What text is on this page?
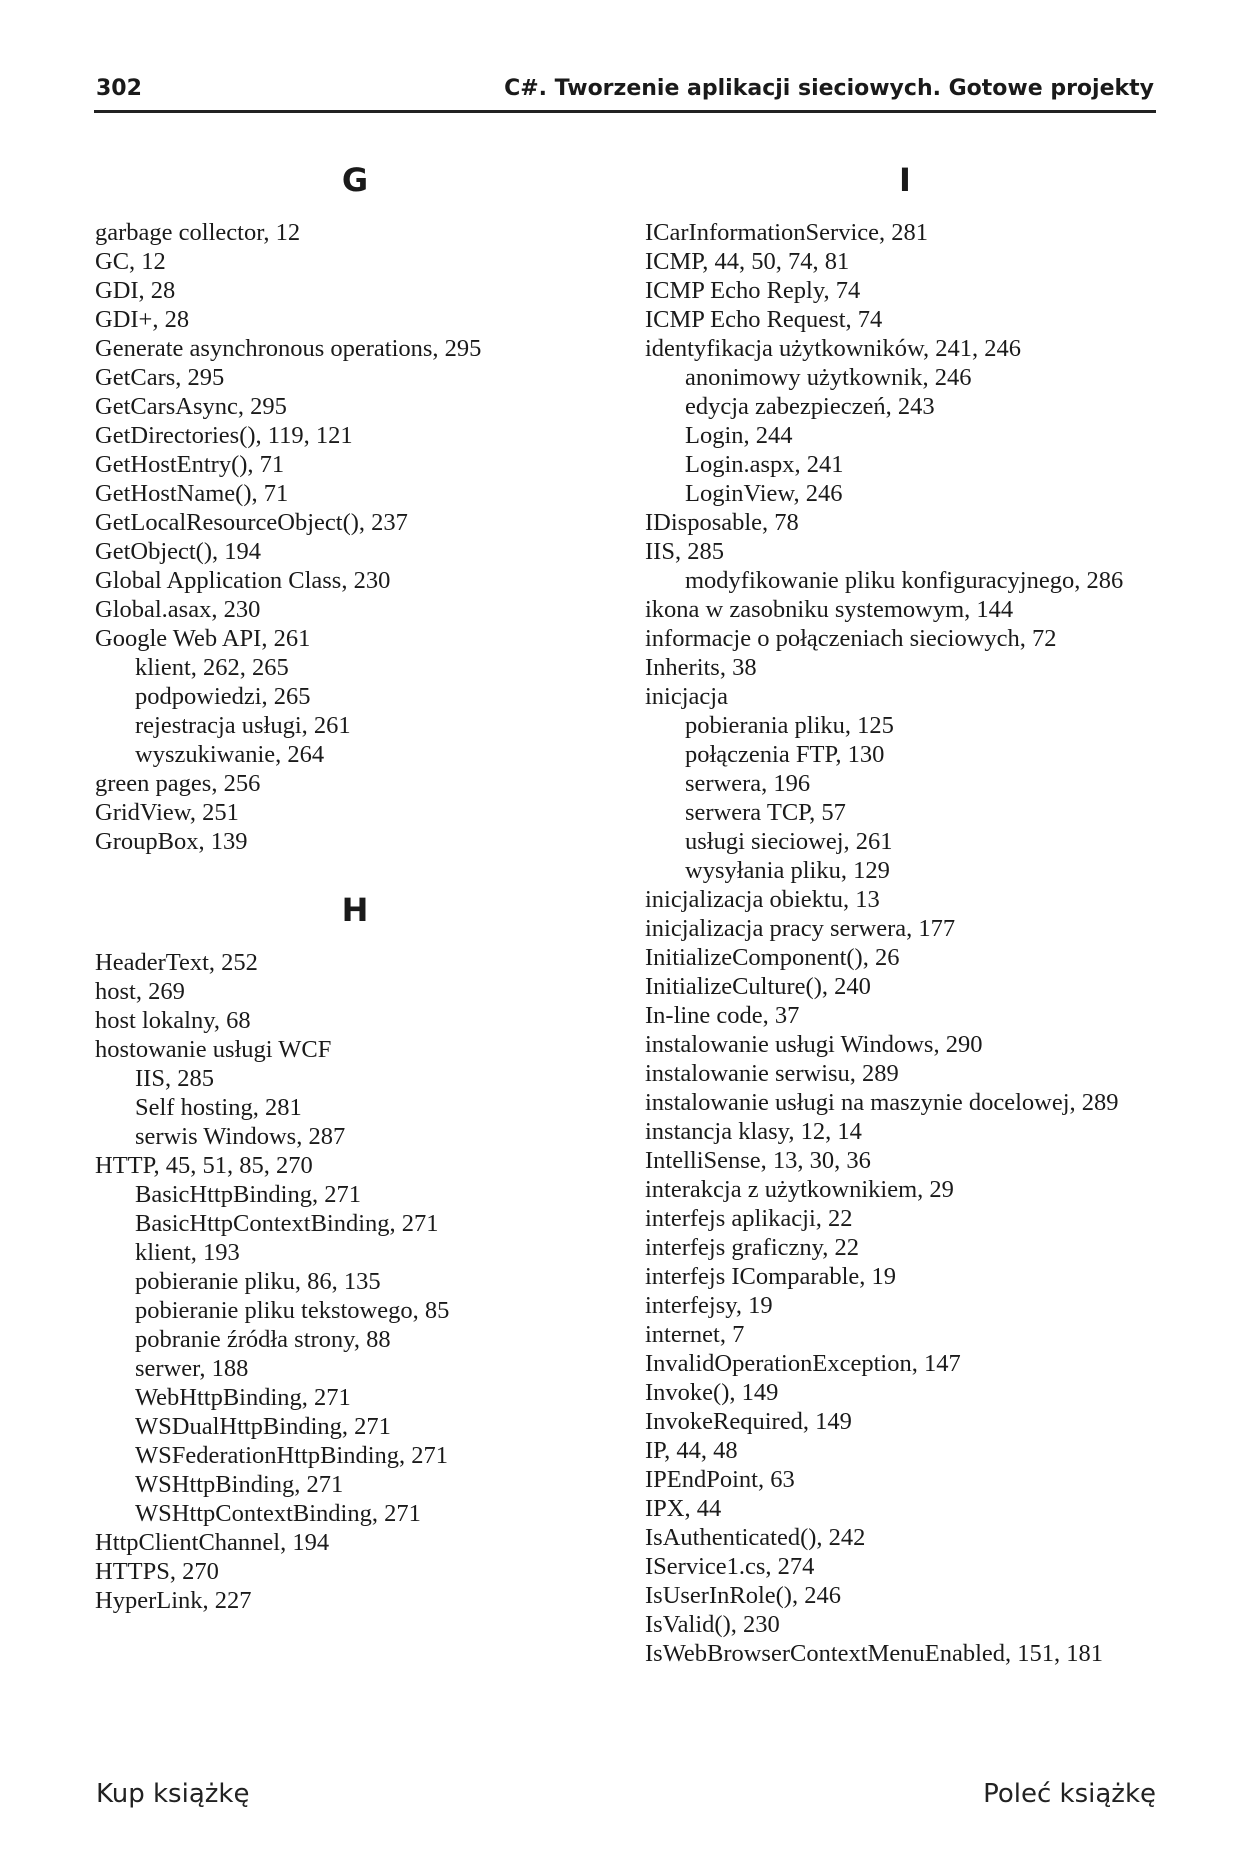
302	C#. Tworzenie aplikacji sieciowych. Gotowe projekty
G
garbage collector, 12
GC, 12
GDI, 28
GDI+, 28
Generate asynchronous operations, 295
GetCars, 295
GetCarsAsync, 295
GetDirectories(), 119, 121
GetHostEntry(), 71
GetHostName(), 71
GetLocalResourceObject(), 237
GetObject(), 194
Global Application Class, 230
Global.asax, 230
Google Web API, 261
klient, 262, 265
podpowiedzi, 265
rejestracja usługi, 261
wyszukiwanie, 264
green pages, 256
GridView, 251
GroupBox, 139
H
HeaderText, 252
host, 269
host lokalny, 68
hostowanie usługi WCF
IIS, 285
Self hosting, 281
serwis Windows, 287
HTTP, 45, 51, 85, 270
BasicHttpBinding, 271
BasicHttpContextBinding, 271
klient, 193
pobieranie pliku, 86, 135
pobieranie pliku tekstowego, 85
pobranie źródła strony, 88
serwer, 188
WebHttpBinding, 271
WSDualHttpBinding, 271
WSFederationHttpBinding, 271
WSHttpBinding, 271
WSHttpContextBinding, 271
HttpClientChannel, 194
HTTPS, 270
HyperLink, 227
I
ICarInformationService, 281
ICMP, 44, 50, 74, 81
ICMP Echo Reply, 74
ICMP Echo Request, 74
identyfikacja użytkowników, 241, 246
anonimowy użytkownik, 246
edycja zabezpieczeń, 243
Login, 244
Login.aspx, 241
LoginView, 246
IDisposable, 78
IIS, 285
modyfikowanie pliku konfiguracyjnego, 286
ikona w zasobniku systemowym, 144
informacje o połączeniach sieciowych, 72
Inherits, 38
inicjacja
pobierania pliku, 125
połączenia FTP, 130
serwera, 196
serwera TCP, 57
usługi sieciowej, 261
wysyłania pliku, 129
inicjalizacja obiektu, 13
inicjalizacja pracy serwera, 177
InitializeComponent(), 26
InitializeCulture(), 240
In-line code, 37
instalowanie usługi Windows, 290
instalowanie serwisu, 289
instalowanie usługi na maszynie docelowej, 289
instancja klasy, 12, 14
IntelliSense, 13, 30, 36
interakcja z użytkownikiem, 29
interfejs aplikacji, 22
interfejs graficzny, 22
interfejs IComparable, 19
interfejsy, 19
internet, 7
InvalidOperationException, 147
Invoke(), 149
InvokeRequired, 149
IP, 44, 48
IPEndPoint, 63
IPX, 44
IsAuthenticated(), 242
IService1.cs, 274
IsUserInRole(), 246
IsValid(), 230
IsWebBrowserContextMenuEnabled, 151, 181
Kup książkę	Poleć książkę
